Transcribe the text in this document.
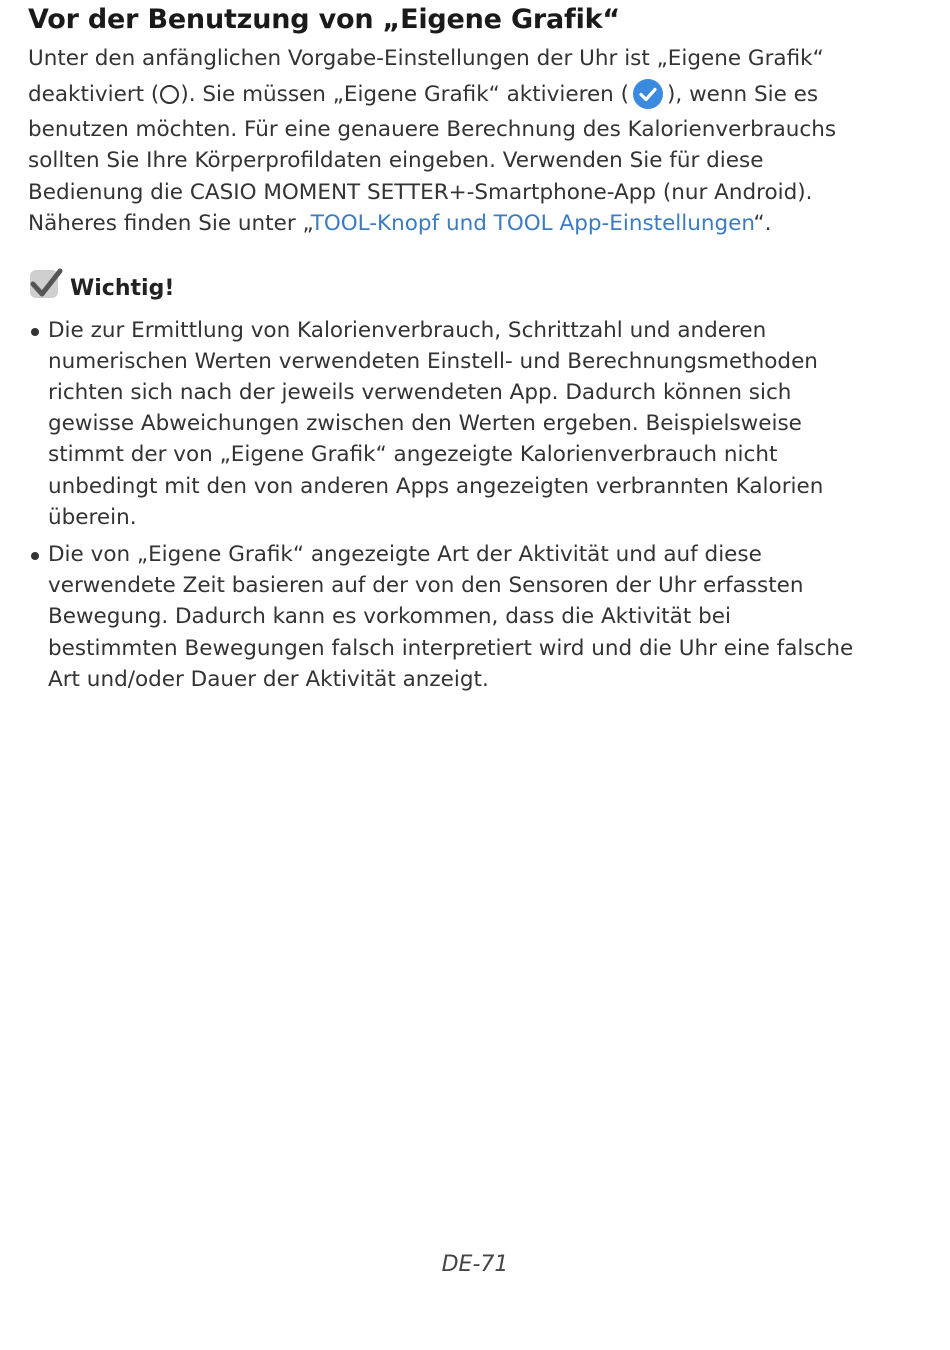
Vor der Benutzung von „Eigene Grafik“
Unter den anfänglichen Vorgabe-Einstellungen der Uhr ist „Eigene Grafik“
deaktiviert ( ). Sie müssen „Eigene Grafik“ aktivieren ( ), wenn Sie es
benutzen möchten. Für eine genauere Berechnung des Kalorienverbrauchs
sollten Sie Ihre Körperprofildaten eingeben. Verwenden Sie für diese
Bedienung die CASIO MOMENT SETTER+-Smartphone-App (nur Android).
Näheres finden Sie unter „TOOL-Knopf und TOOL App-Einstellungen“.
Wichtig!
Die zur Ermittlung von Kalorienverbrauch, Schrittzahl und anderen
numerischen Werten verwendeten Einstell- und Berechnungsmethoden
richten sich nach der jeweils verwendeten App. Dadurch können sich
gewisse Abweichungen zwischen den Werten ergeben. Beispielsweise
stimmt der von „Eigene Grafik“ angezeigte Kalorienverbrauch nicht
unbedingt mit den von anderen Apps angezeigten verbrannten Kalorien
überein.
Die von „Eigene Grafik“ angezeigte Art der Aktivität und auf diese
verwendete Zeit basieren auf der von den Sensoren der Uhr erfassten
Bewegung. Dadurch kann es vorkommen, dass die Aktivität bei
bestimmten Bewegungen falsch interpretiert wird und die Uhr eine falsche
Art und/oder Dauer der Aktivität anzeigt.
DE-71
